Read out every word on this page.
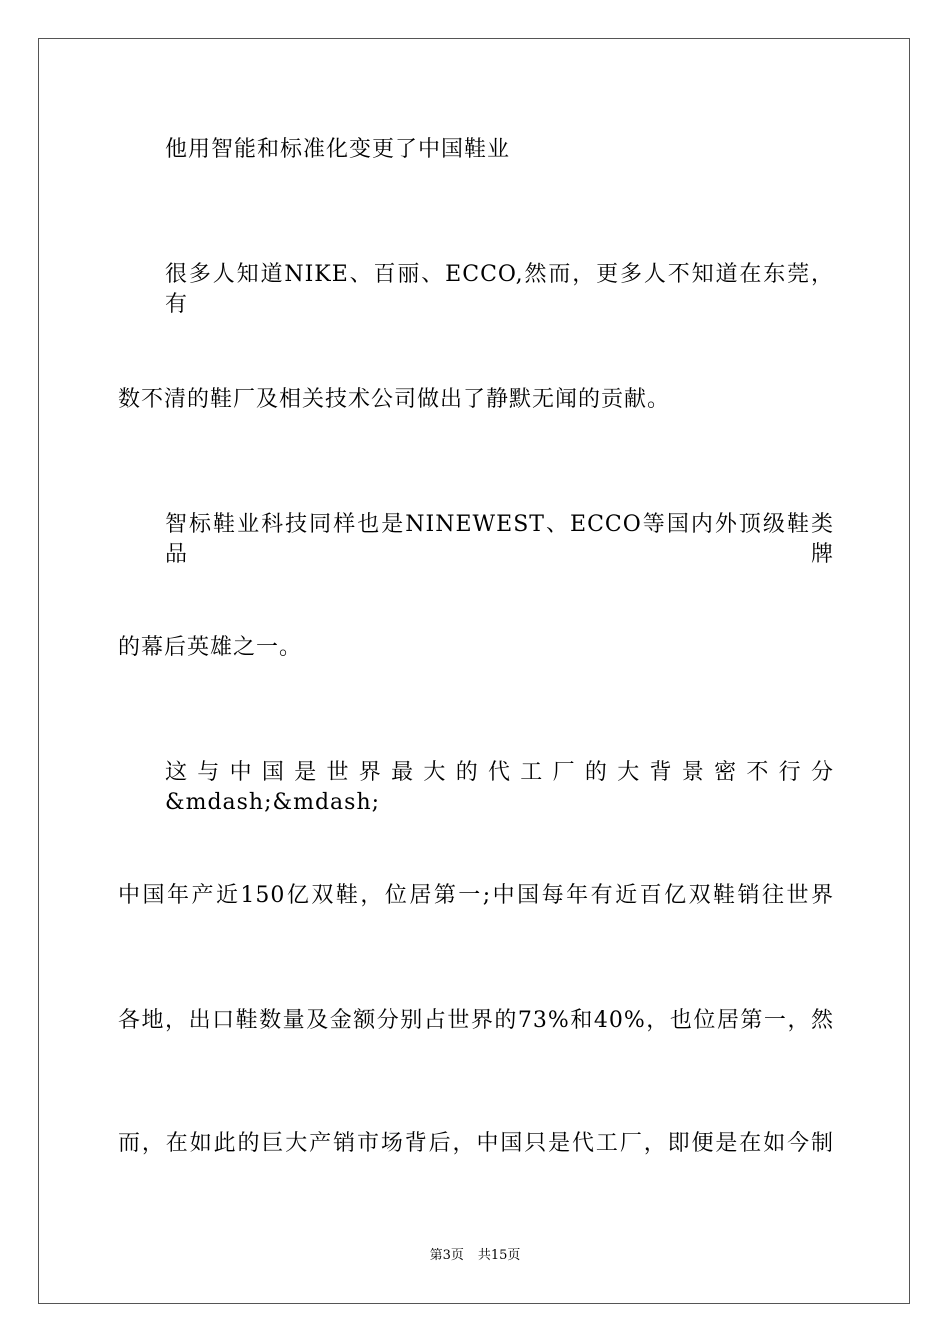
他用智能和标准化变更了中国鞋业
很多人知道NIKE、百丽、ECCO,然而，更多人不知道在东莞，有
数不清的鞋厂及相关技术公司做出了静默无闻的贡献。
智标鞋业科技同样也是NINEWEST、ECCO等国内外顶级鞋类品牌
的幕后英雄之一。
这与中国是世界最大的代工厂的大背景密不行分&mdash;&mdash;
中国年产近150亿双鞋，位居第一;中国每年有近百亿双鞋销往世界
各地，出口鞋数量及金额分别占世界的73%和40%，也位居第一，然
而，在如此的巨大产销市场背后，中国只是代工厂，即便是在如今制
第3页 共15页
